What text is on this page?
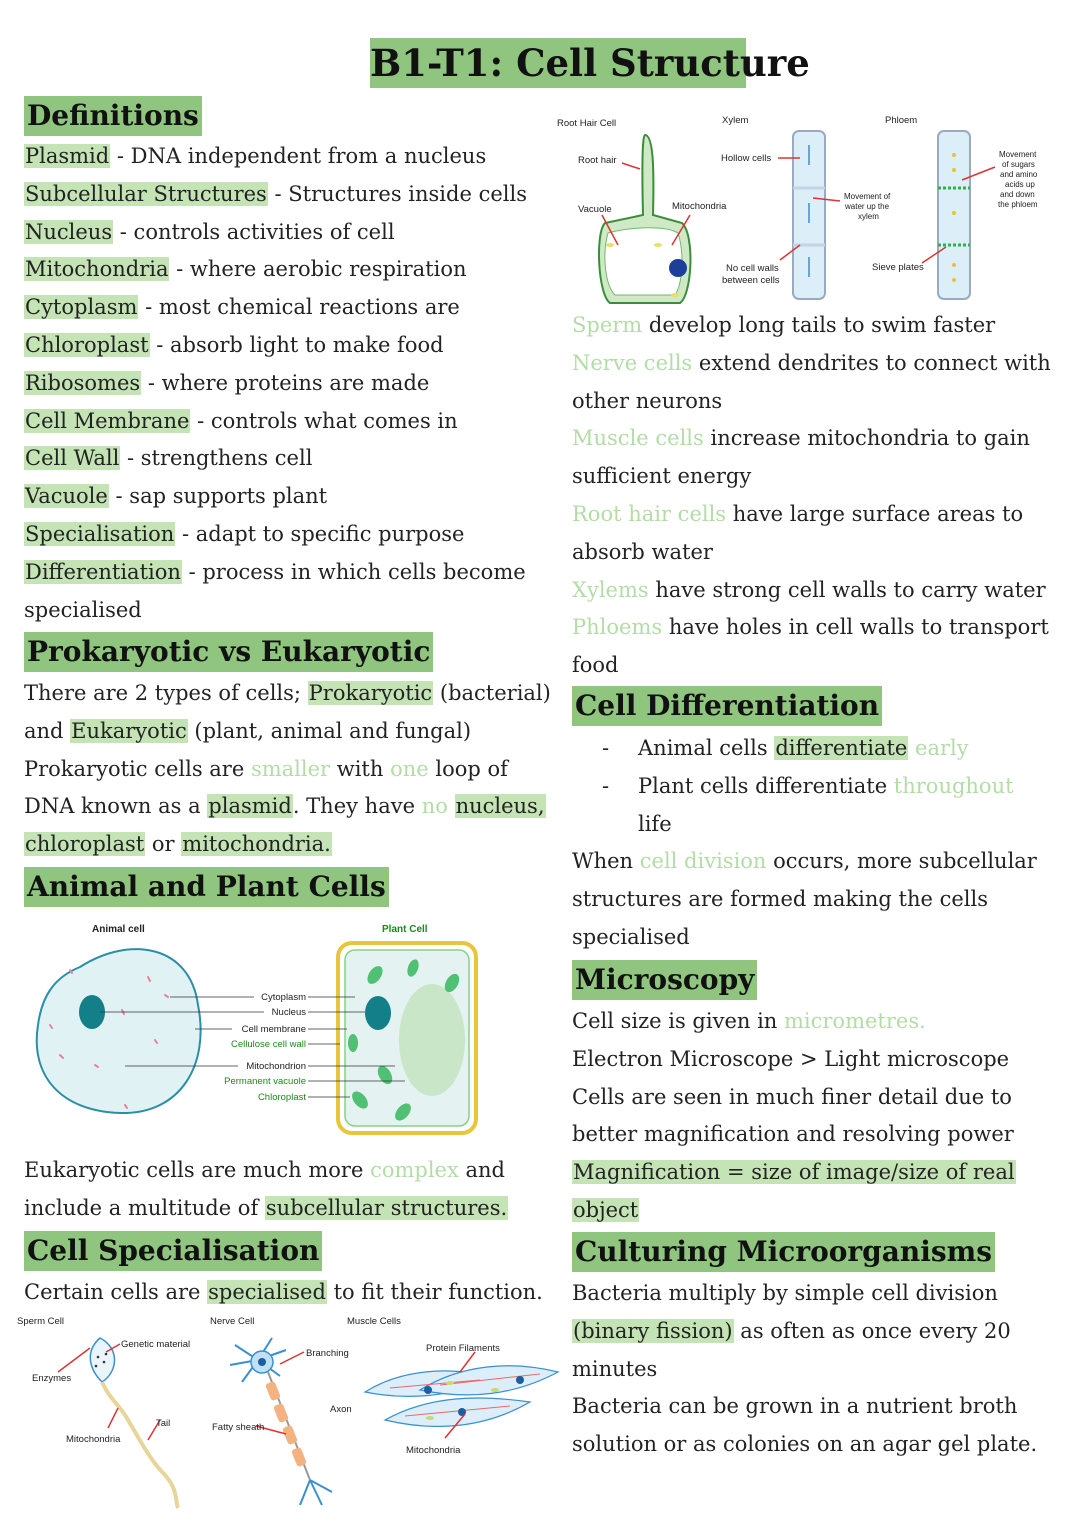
B1-T1: Cell Structure
Definitions
Plasmid - DNA independent from a nucleus
Subcellular Structures - Structures inside cells
Nucleus - controls activities of cell
Mitochondria - where aerobic respiration
Cytoplasm - most chemical reactions are
Chloroplast - absorb light to make food
Ribosomes - where proteins are made
Cell Membrane - controls what comes in
Cell Wall - strengthens cell
Vacuole - sap supports plant
Specialisation - adapt to specific purpose
Differentiation - process in which cells become
specialised
Prokaryotic vs Eukaryotic
There are 2 types of cells; Prokaryotic (bacterial)
and Eukaryotic (plant, animal and fungal)
Prokaryotic cells are smaller with one loop of
DNA known as a plasmid. They have no nucleus,
chloroplast or mitochondria.
Animal and Plant Cells
Animal cell	Plant Cell
Cytoplasm
Nucleus
Cell membrane
Cellulose cell wall
Mitochondrion
Permanent vacuole
Chloroplast
Eukaryotic cells are much more complex and
include a multitude of subcellular structures.
Cell Specialisation
Certain cells are specialised to fit their function.
Sperm Cell
Genetic material
Enzymes
Tail
Mitochondria
Nerve Cell
Branching
Axon
Fatty sheath
Muscle Cells
Protein Filaments
Mitochondria
Root Hair Cell
Root hair
Vacuole	Mitochondria
Xylem
Hollow cells
No cell walls
between cells
Movement of
water up the
xylem
Phloem
Sieve plates
Movement
of sugars
and amino
acids up
and down
the phloem
Sperm develop long tails to swim faster
Nerve cells extend dendrites to connect with
other neurons
Muscle cells increase mitochondria to gain
sufficient energy
Root hair cells have large surface areas to
absorb water
Xylems have strong cell walls to carry water
Phloems have holes in cell walls to transport
food
Cell Differentiation
- Animal cells differentiate early
- Plant cells differentiate throughout
life
When cell division occurs, more subcellular
structures are formed making the cells
specialised
Microscopy
Cell size is given in micrometres.
Electron Microscope > Light microscope
Cells are seen in much finer detail due to
better magnification and resolving power
Magnification = size of image/size of real
object
Culturing Microorganisms
Bacteria multiply by simple cell division
(binary fission) as often as once every 20
minutes
Bacteria can be grown in a nutrient broth
solution or as colonies on an agar gel plate.
